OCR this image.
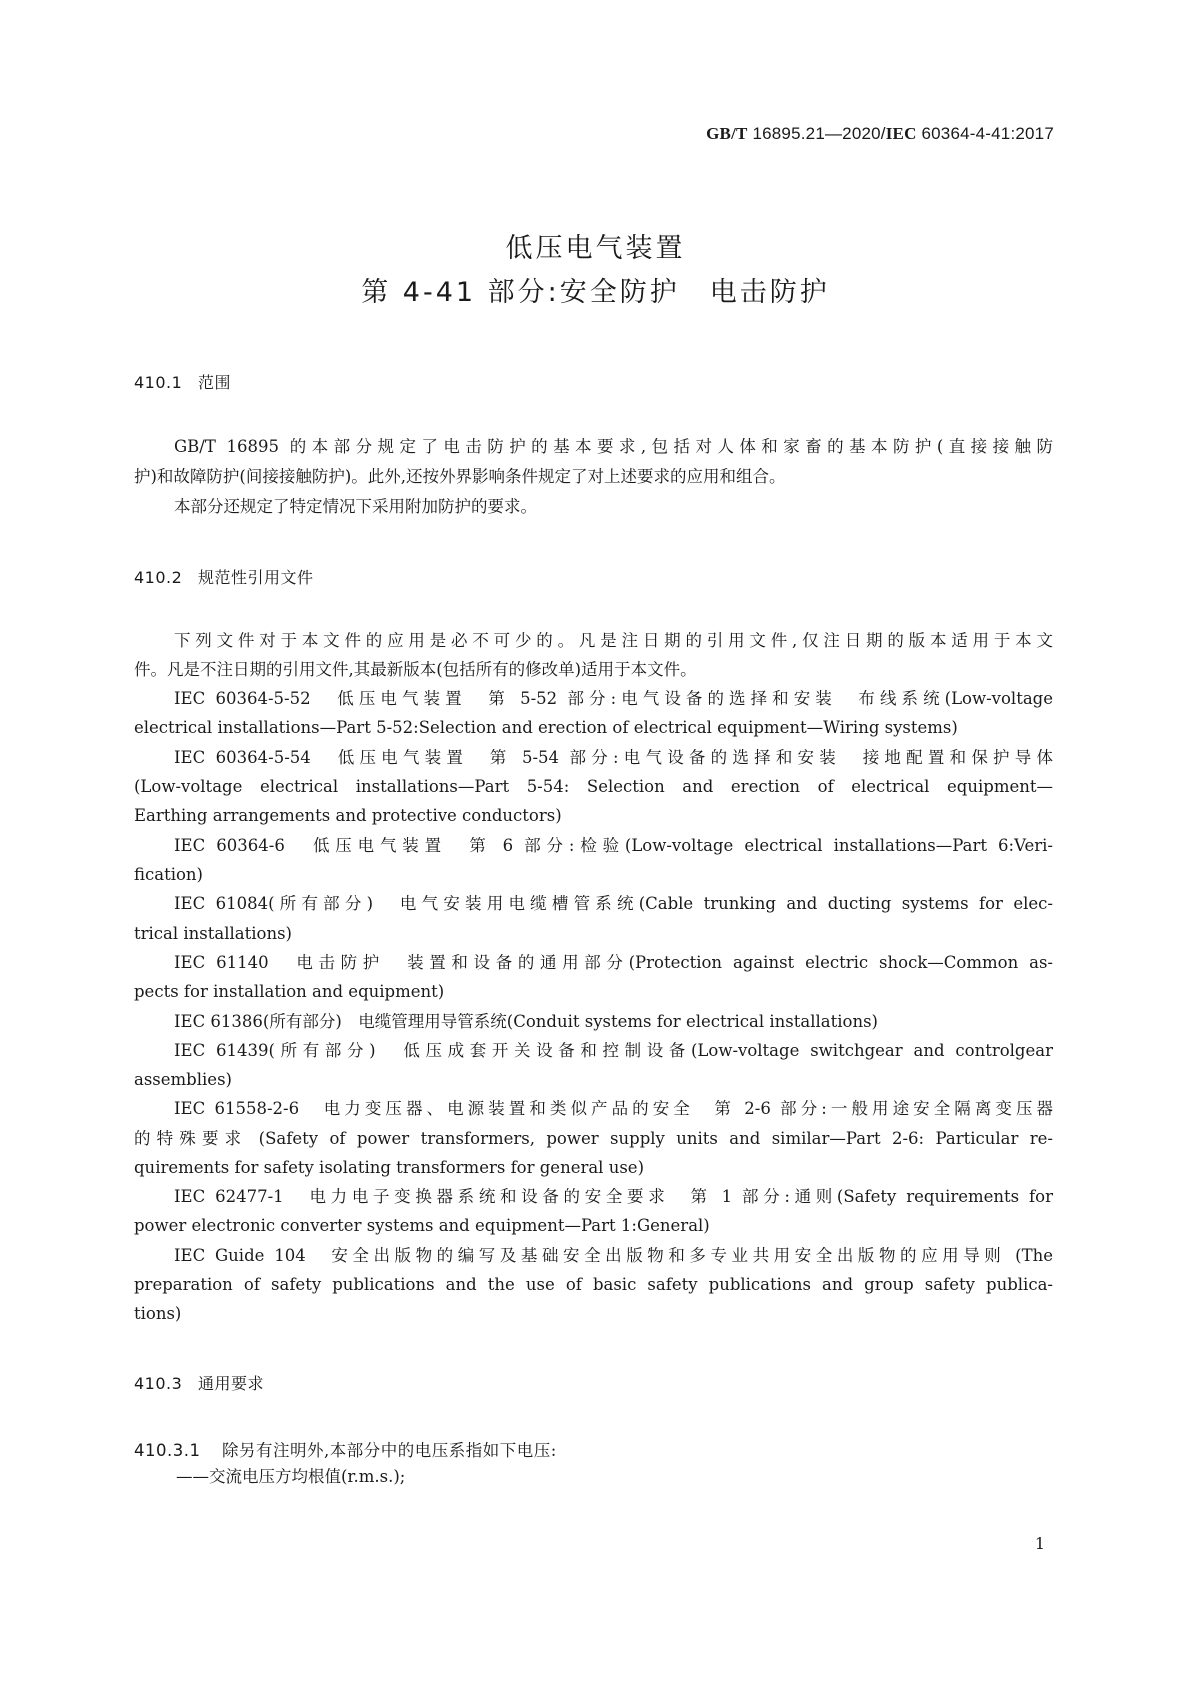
GB/T 16895.21—2020/IEC 60364-4-41:2017
低压电气装置
第 4-41 部分:安全防护　电击防护
410.1 范围
GB/T 16895 的本部分规定了电击防护的基本要求,包括对人体和家畜的基本防护(直接接触防
护)和故障防护(间接接触防护)。此外,还按外界影响条件规定了对上述要求的应用和组合。
本部分还规定了特定情况下采用附加防护的要求。
410.2 规范性引用文件
下列文件对于本文件的应用是必不可少的。凡是注日期的引用文件,仅注日期的版本适用于本文
件。凡是不注日期的引用文件,其最新版本(包括所有的修改单)适用于本文件。
IEC 60364-5-52　低压电气装置　第 5-52 部分:电气设备的选择和安装　布线系统(Low-voltage
electrical installations—Part 5-52:Selection and erection of electrical equipment—Wiring systems)
IEC 60364-5-54　低压电气装置　第 5-54 部分:电气设备的选择和安装　接地配置和保护导体
(Low-voltage electrical installations—Part 5-54: Selection and erection of electrical equipment—
Earthing arrangements and protective conductors)
IEC 60364-6　低压电气装置　第 6 部分:检验(Low-voltage electrical installations—Part 6:Veri-
fication)
IEC 61084(所有部分)　电气安装用电缆槽管系统(Cable trunking and ducting systems for elec-
trical installations)
IEC 61140　电击防护　装置和设备的通用部分(Protection against electric shock—Common as-
pects for installation and equipment)
IEC 61386(所有部分)　电缆管理用导管系统(Conduit systems for electrical installations)
IEC 61439(所有部分)　低压成套开关设备和控制设备(Low-voltage switchgear and controlgear
assemblies)
IEC 61558-2-6　电力变压器、电源装置和类似产品的安全　第 2-6 部分:一般用途安全隔离变压器
的特殊要求 (Safety of power transformers, power supply units and similar—Part 2-6: Particular re-
quirements for safety isolating transformers for general use)
IEC 62477-1　电力电子变换器系统和设备的安全要求　第 1 部分:通则(Safety requirements for
power electronic converter systems and equipment—Part 1:General)
IEC Guide 104　安全出版物的编写及基础安全出版物和多专业共用安全出版物的应用导则 (The
preparation of safety publications and the use of basic safety publications and group safety publica-
tions)
410.3 通用要求
410.3.1 除另有注明外,本部分中的电压系指如下电压:
——交流电压方均根值(r.m.s.);
1
